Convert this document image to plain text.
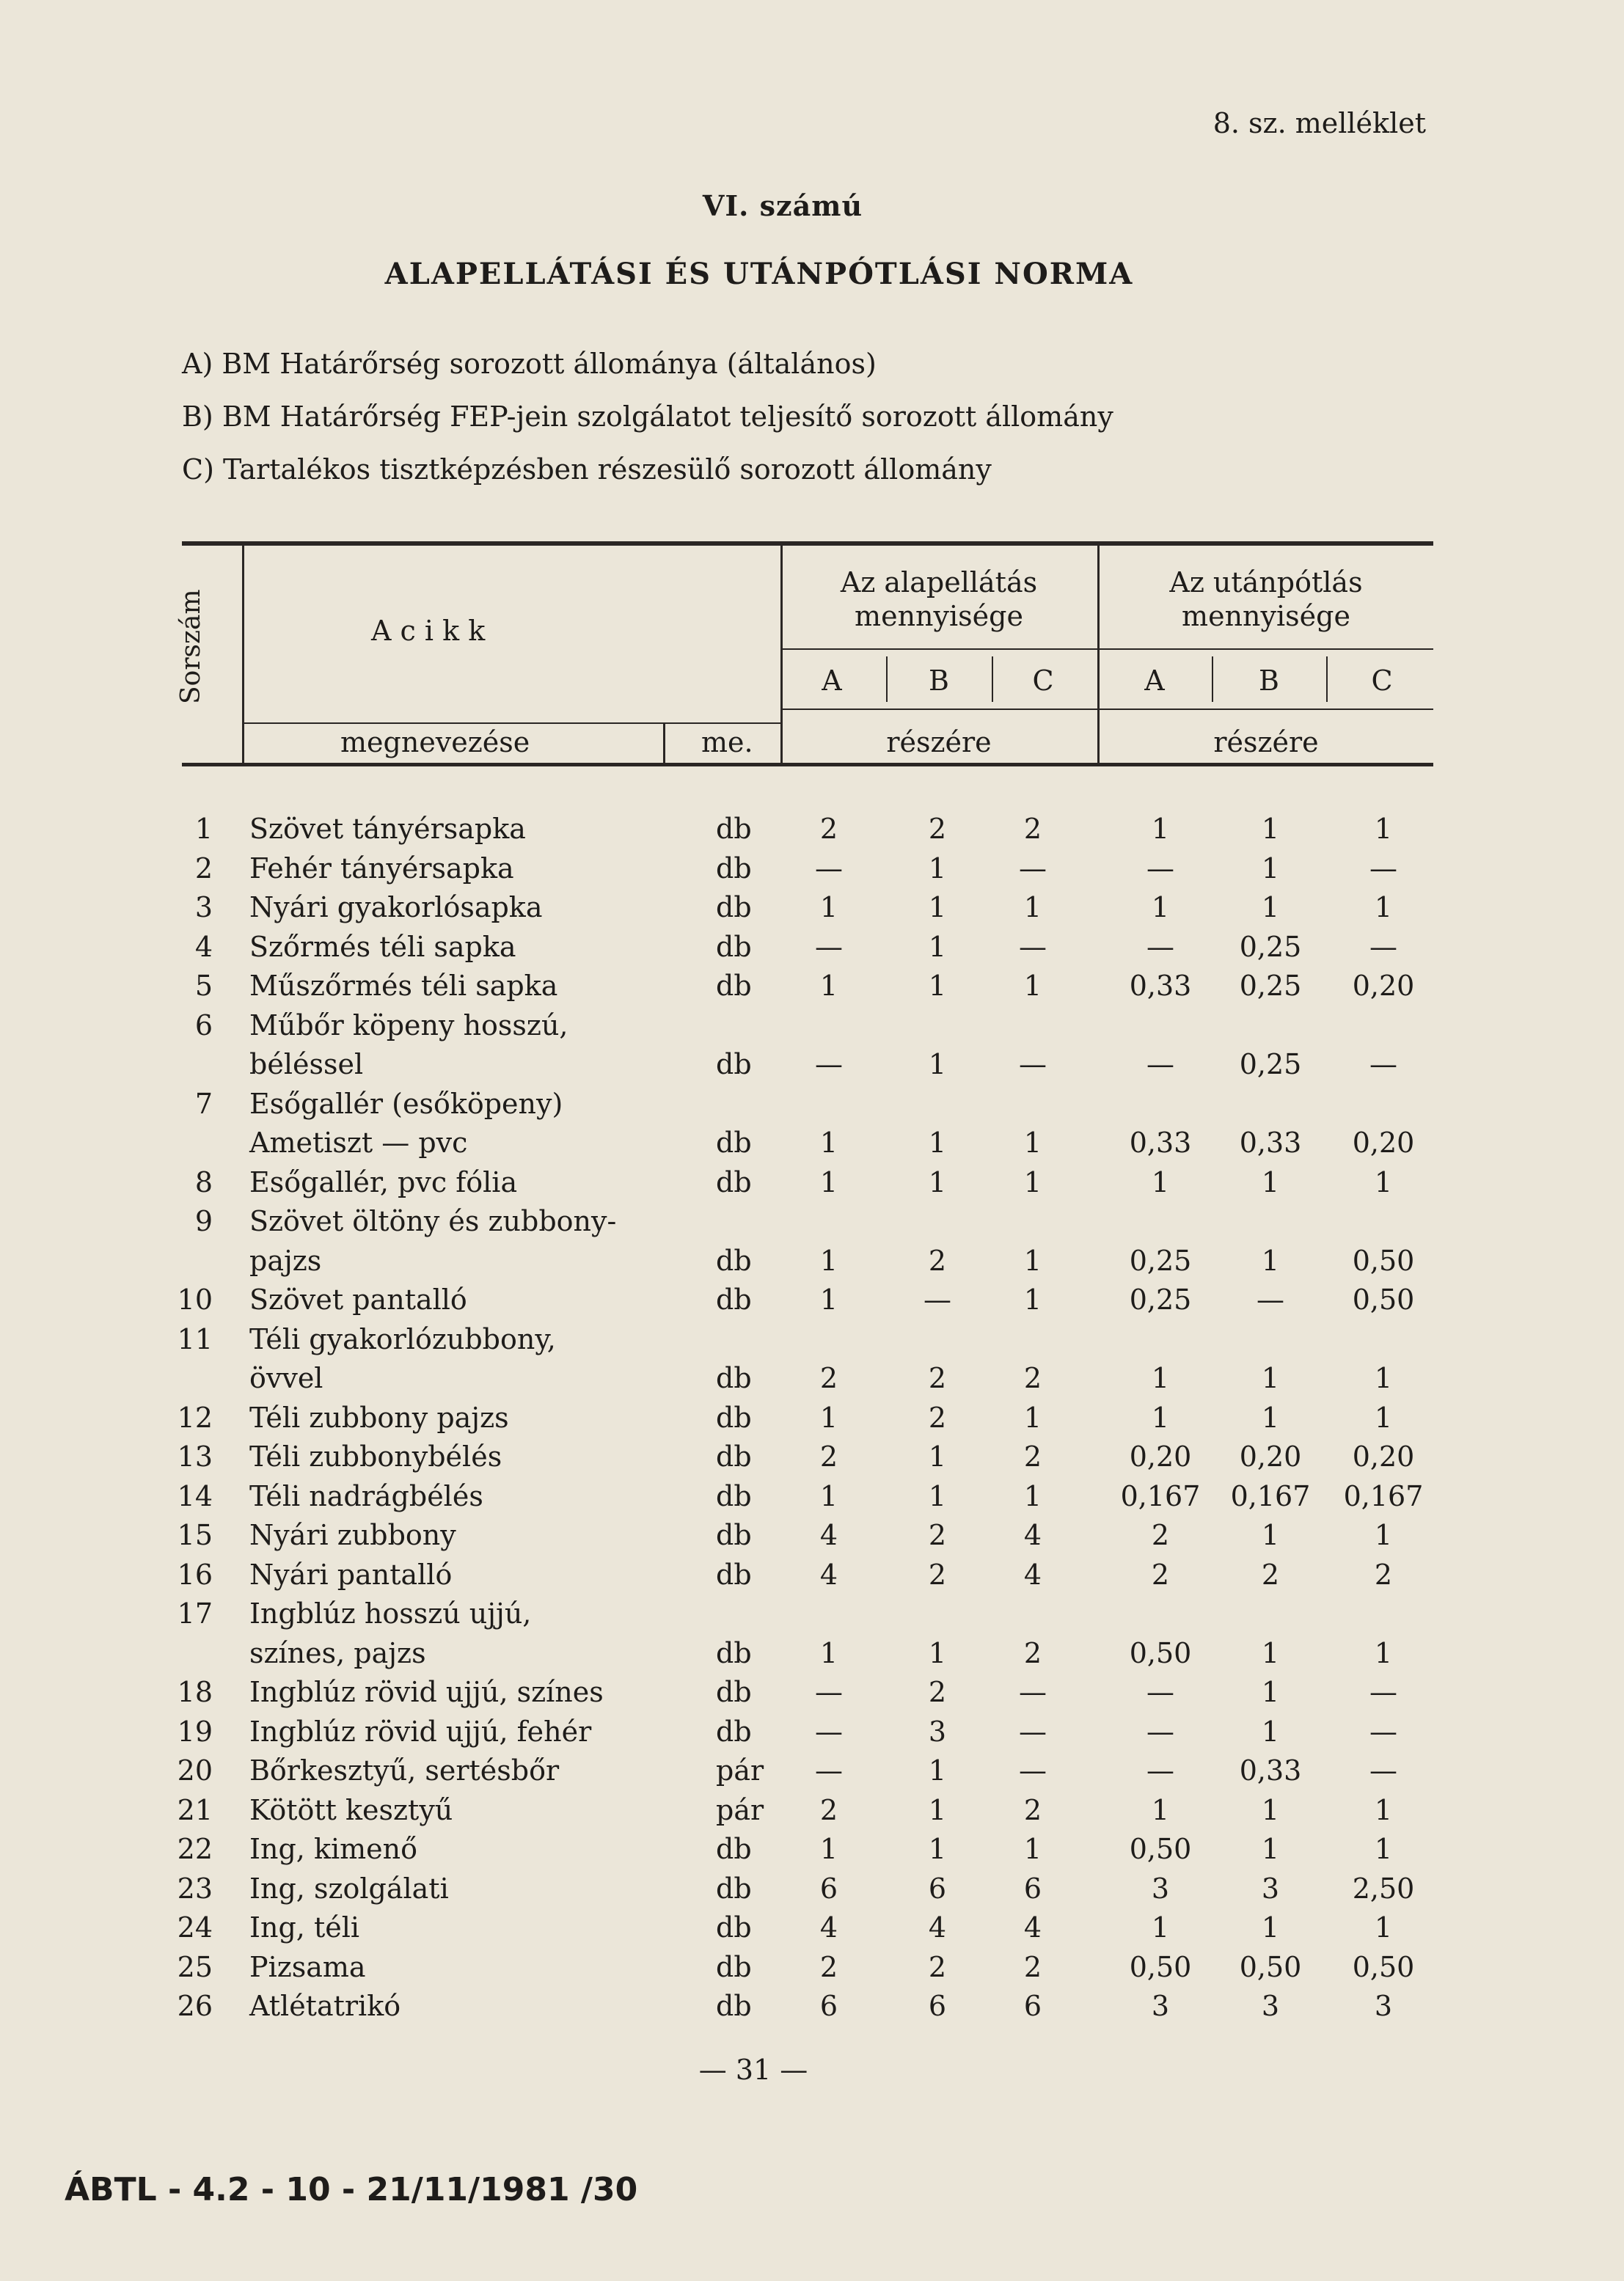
8. sz. melléklet
VI. számú
ALAPELLÁTÁSI ÉS UTÁNPÓTLÁSI NORMA
A) BM Határőrség sorozott állománya (általános)
B) BM Határőrség FEP-jein szolgálatot teljesítő sorozott állomány
C) Tartalékos tisztképzésben részesülő sorozott állomány
Sorszám	A c i k k
megnevezése	me.
Az alapellátás
mennyisége
Az utánpótlás
mennyisége
A	B	C	A	B	C
részére	részére
1 Szövet tányérsapka	db	2	2	2	1	1	1
2 Fehér tányérsapka	db	—	1	—	—	1	—
3 Nyári gyakorlósapka	db	1	1	1	1	1	1
4 Szőrmés téli sapka	db	—	1	—	—	0,25	—
5 Műszőrmés téli sapka	db	1	1	1	0,33	0,25	0,20
6 Műbőr köpeny hosszú,
béléssel	db	—	1	—	—	0,25	—
7 Esőgallér (esőköpeny)
Ametiszt — pvc	db	1	1	1	0,33	0,33	0,20
8 Esőgallér, pvc fólia	db	1	1	1	1	1	1
9 Szövet öltöny és zubbony-
pajzs	db	1	2	1	0,25	1	0,50
10 Szövet pantalló	db	1	—	1	0,25	—	0,50
11 Téli gyakorlózubbony,
övvel	db	2	2	2	1	1	1
12 Téli zubbony pajzs	db	1	2	1	1	1	1
13 Téli zubbonybélés	db	2	1	2	0,20	0,20	0,20
14 Téli nadrágbélés	db	1	1	1	0,167 0,167 0,167
15 Nyári zubbony	db	4	2	4	2	1	1
16 Nyári pantalló	db	4	2	4	2	2	2
17 Ingblúz hosszú ujjú,
színes, pajzs	db	1	1	2	0,50	1	1
18 Ingblúz rövid ujjú, színes	db	—	2	—	—	1	—
19 Ingblúz rövid ujjú, fehér	db	—	3	—	—	1	—
20 Bőrkesztyű, sertésbőr	pár	—	1	—	—	0,33	—
21 Kötött kesztyű	pár	2	1	2	1	1	1
22 Ing, kimenő	db	1	1	1	0,50	1	1
23 Ing, szolgálati	db	6	6	6	3	3	2,50
24 Ing, téli	db	4	4	4	1	1	1
25 Pizsama	db	2	2	2	0,50	0,50	0,50
26 Atlétatrikó	db	6	6	6	3	3	3
— 31 —
ÁBTL - 4.2 - 10 - 21/11/1981 /30
